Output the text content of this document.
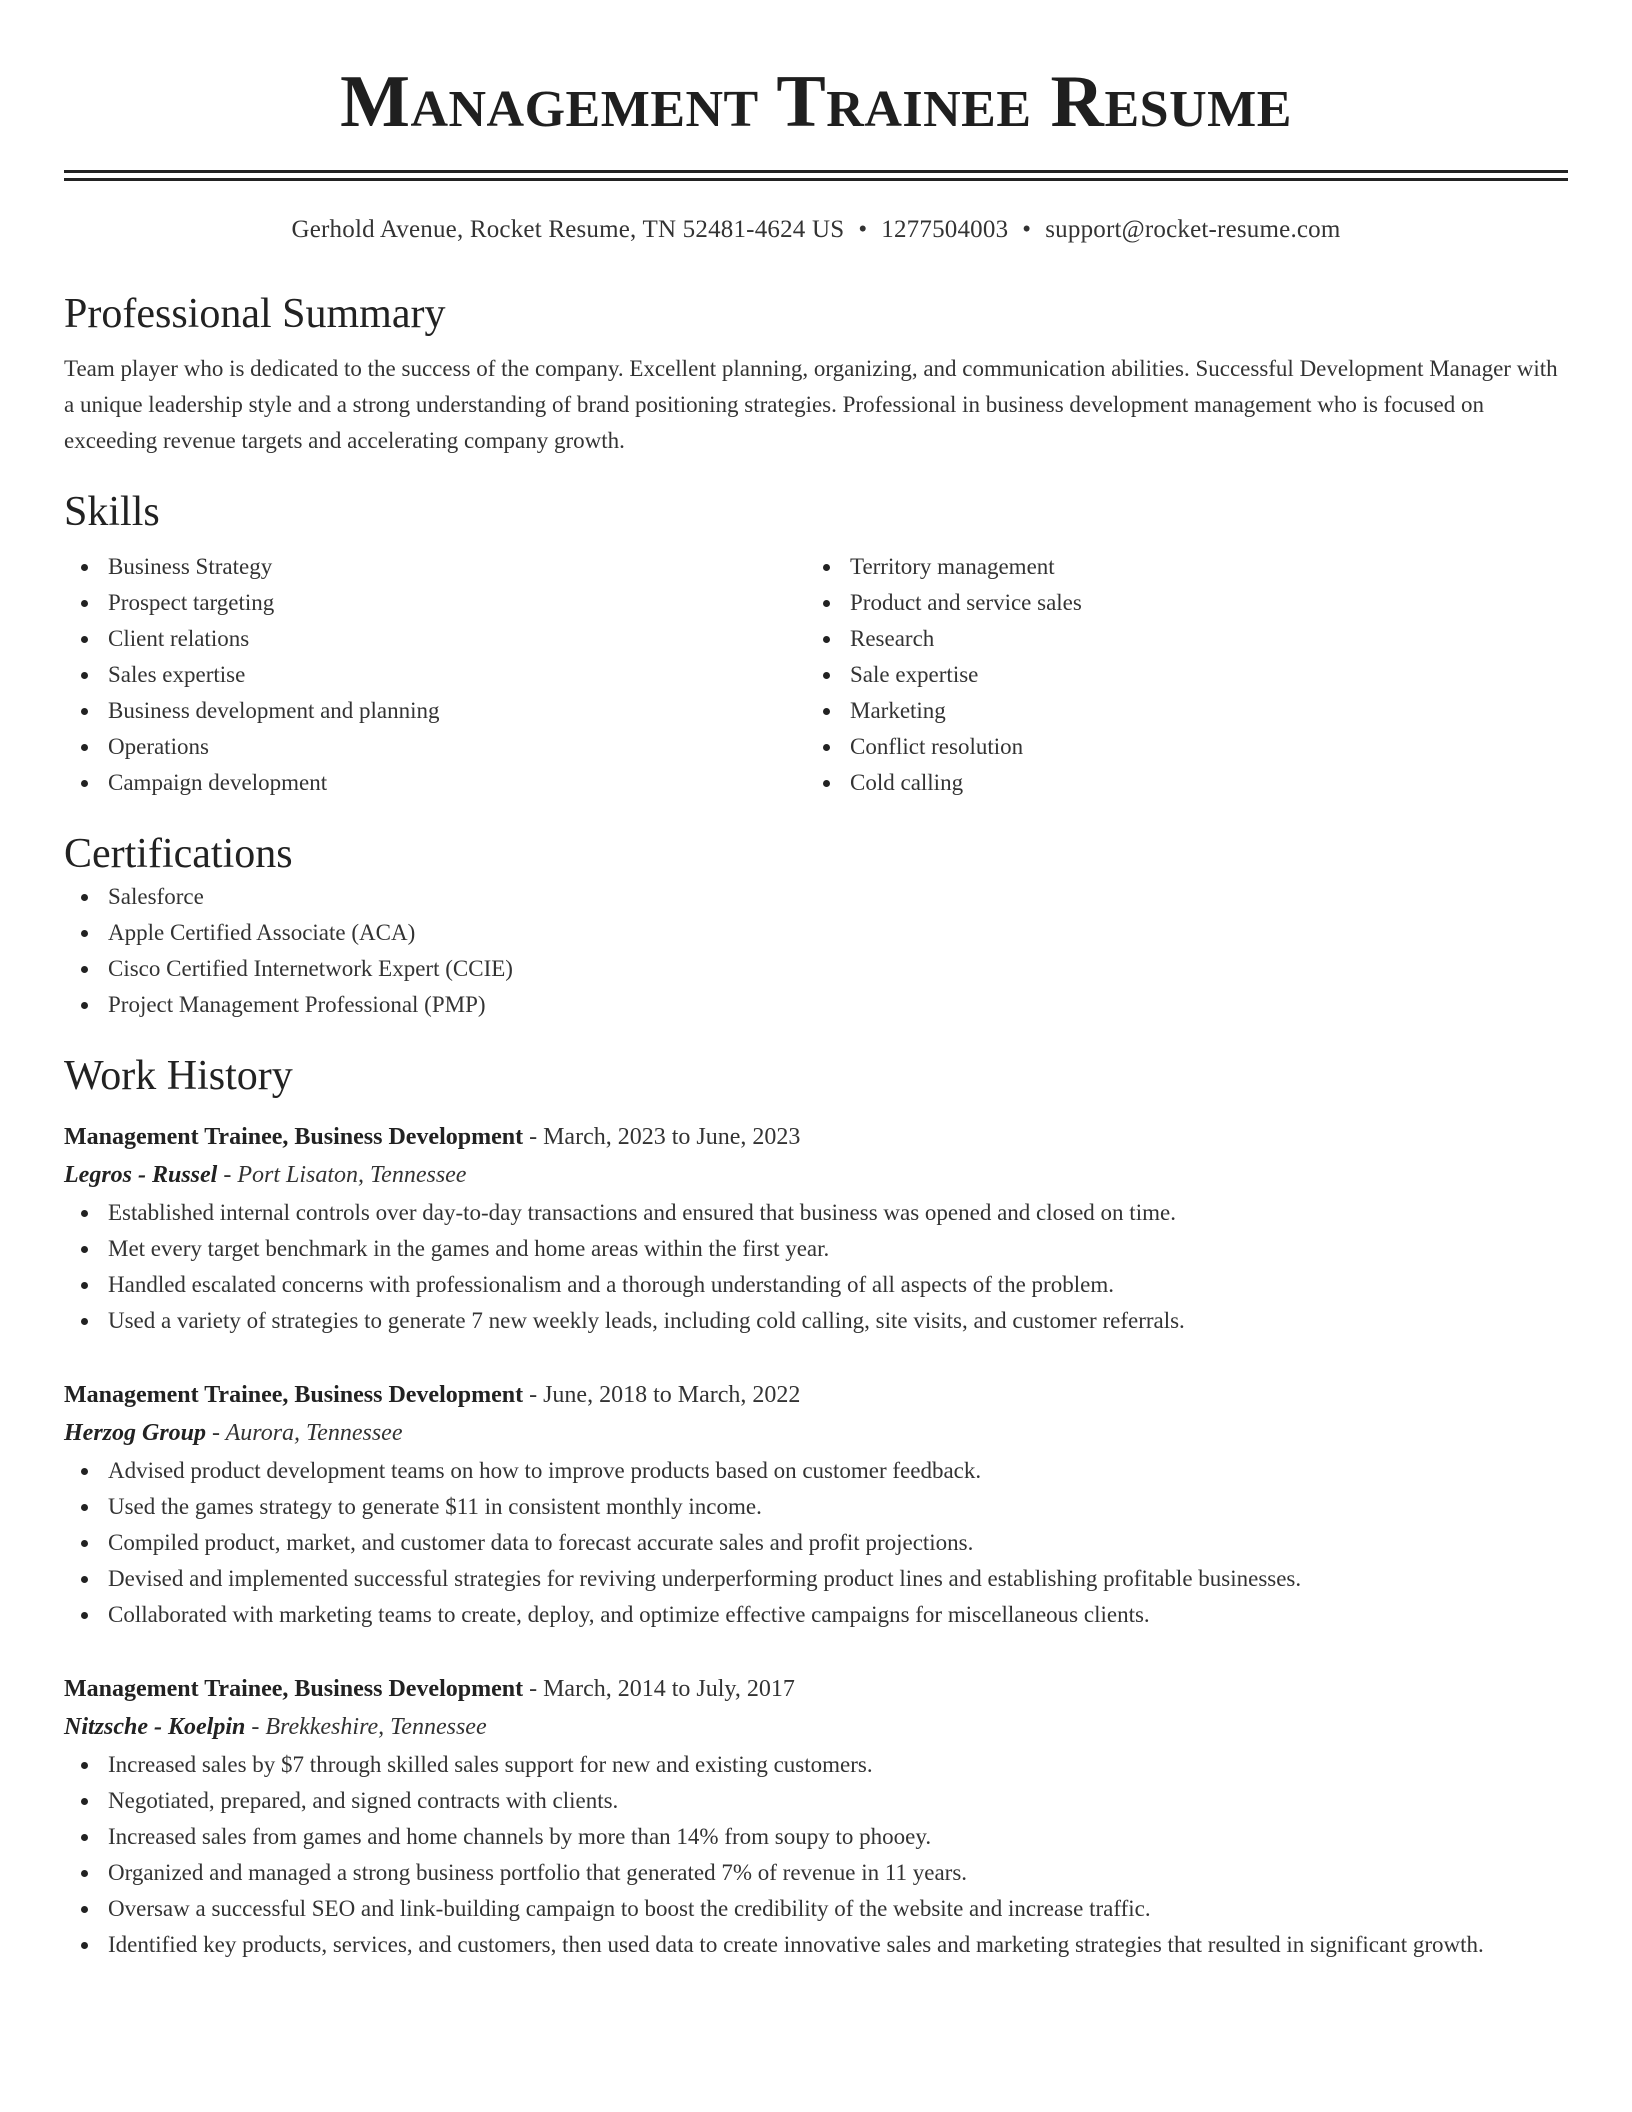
Management Trainee Resume
Gerhold Avenue, Rocket Resume, TN 52481-4624 US • 1277504003 • support@rocket-resume.com
Professional Summary
Team player who is dedicated to the success of the company. Excellent planning, organizing, and communication abilities. Successful Development Manager with a unique leadership style and a strong understanding of brand positioning strategies. Professional in business development management who is focused on exceeding revenue targets and accelerating company growth.
Skills
Business Strategy
Prospect targeting
Client relations
Sales expertise
Business development and planning
Operations
Campaign development
Territory management
Product and service sales
Research
Sale expertise
Marketing
Conflict resolution
Cold calling
Certifications
Salesforce
Apple Certified Associate (ACA)
Cisco Certified Internetwork Expert (CCIE)
Project Management Professional (PMP)
Work History
Management Trainee, Business Development - March, 2023 to June, 2023
Legros - Russel - Port Lisaton, Tennessee
Established internal controls over day-to-day transactions and ensured that business was opened and closed on time.
Met every target benchmark in the games and home areas within the first year.
Handled escalated concerns with professionalism and a thorough understanding of all aspects of the problem.
Used a variety of strategies to generate 7 new weekly leads, including cold calling, site visits, and customer referrals.
Management Trainee, Business Development - June, 2018 to March, 2022
Herzog Group - Aurora, Tennessee
Advised product development teams on how to improve products based on customer feedback.
Used the games strategy to generate $11 in consistent monthly income.
Compiled product, market, and customer data to forecast accurate sales and profit projections.
Devised and implemented successful strategies for reviving underperforming product lines and establishing profitable businesses.
Collaborated with marketing teams to create, deploy, and optimize effective campaigns for miscellaneous clients.
Management Trainee, Business Development - March, 2014 to July, 2017
Nitzsche - Koelpin - Brekkeshire, Tennessee
Increased sales by $7 through skilled sales support for new and existing customers.
Negotiated, prepared, and signed contracts with clients.
Increased sales from games and home channels by more than 14% from soupy to phooey.
Organized and managed a strong business portfolio that generated 7% of revenue in 11 years.
Oversaw a successful SEO and link-building campaign to boost the credibility of the website and increase traffic.
Identified key products, services, and customers, then used data to create innovative sales and marketing strategies that resulted in significant growth.
